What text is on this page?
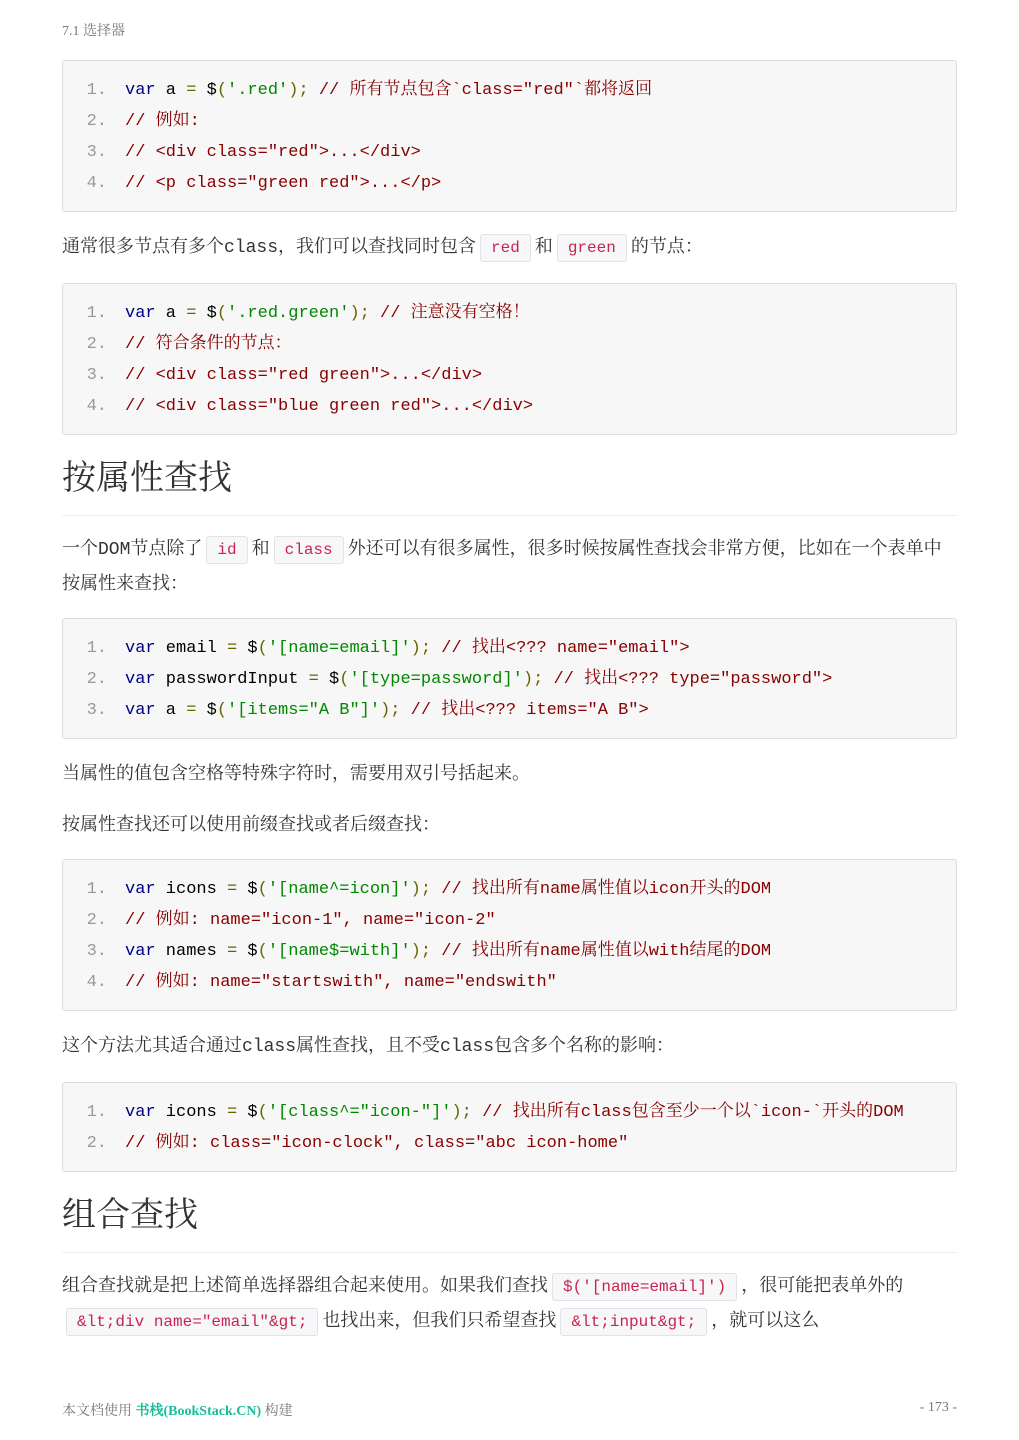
7.1 选择器
1.	var a = $('.red'); // 所有节点包含`class="red"`都将返回
2.	// 例如:
3.	// <div class="red">...</div>
4.	// <p class="green red">...</p>

通常很多节点有多个class，我们可以查找同时包含 red 和 green 的节点：

1.	var a = $('.red.green'); // 注意没有空格！
2.	// 符合条件的节点：
3.	// <div class="red green">...</div>
4.	// <div class="blue green red">...</div>
按属性查找

一个DOM节点除了 id 和 class 外还可以有很多属性，很多时候按属性查找会非常方便，比如在一个表单中按属性来查找：

1.	var email = $('[name=email]'); // 找出<??? name="email">
2.	var passwordInput = $('[type=password]'); // 找出<??? type="password">
3.	var a = $('[items="A B"]'); // 找出<??? items="A B">

当属性的值包含空格等特殊字符时，需要用双引号括起来。

按属性查找还可以使用前缀查找或者后缀查找：

1.	var icons = $('[name^=icon]'); // 找出所有name属性值以icon开头的DOM
2.	// 例如: name="icon-1", name="icon-2"
3.	var names = $('[name$=with]'); // 找出所有name属性值以with结尾的DOM
4.	// 例如: name="startswith", name="endswith"

这个方法尤其适合通过class属性查找，且不受class包含多个名称的影响：

1.	var icons = $('[class^="icon-"]'); // 找出所有class包含至少一个以`icon-`开头的DOM
2.	// 例如: class="icon-clock", class="abc icon-home"
组合查找

组合查找就是把上述简单选择器组合起来使用。如果我们查找 $('[name=email]') ，很可能把表单外的&lt;div name="email"&gt; 也找出来，但我们只希望查找 &lt;input&gt; ，就可以这么

本文档使用 书栈(BookStack.CN) 构建	- 173 -
